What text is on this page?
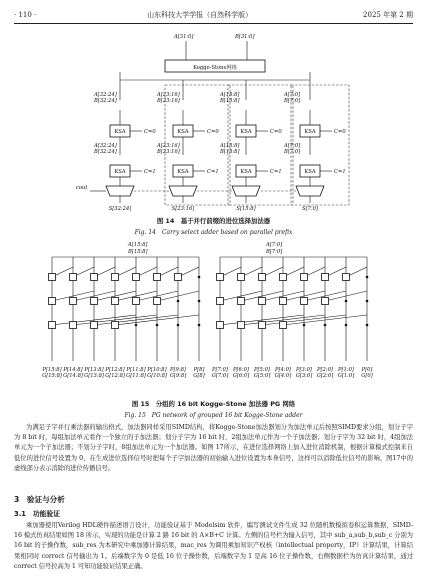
· 110 ·	山东科技大学学报（自然科学版）	2025 年第 2 期
A[31:0]	B[31:0]
Kogge-Stone网络
A[32:24] B[32:24]
KSA	C=0
A[32:24] B[32:24]
KSA	C=1
S[32:24]
cout
A[23:16] B[23:16]
KSA	C=0
A[23:16] B[23:16]
KSA	C=1
S[23:16]
A[15:8] B[15:8]
KSA	C=0
A[15:8] B[15:8]
KSA	C=1
S[15:8]
A[7:0] B[7:0]
KSA	C=0
A[7:0] B[7:0]
KSA	C=1
S[7:0]
图 14　基于并行前缀的进位选择加法器
Fig. 14　Carry select adder based on parallel prefix
A[15:8]
B[15:8]
A[7:0]
B[7:0]
P[15:8] G[15:8]
P[14:8] G[14:8]
P[13:8] G[13:8]
P[12:8] G[12:8]
P[11:8] G[11:8]
P[10:8] G[10:8]
P[9:8] G[9:8]
P[8] G[8]
P[7:0] G[7:0]
P[6:0] G[6:0]
P[5:0] G[5:0]
P[4:0] G[4:0]
P[3:0] G[3:0]
P[2:0] G[2:0]
P[1:0] G[1:0]
P[0] G[0]
图 15　分组的 16 bit Kogge-Stone 加法器 PG 网络
Fig. 15　PG network of grouped 16 bit Kogge-Stone adder

为满足子字并行乘法器的输出格式，加法器同样采用SIMD结构，将Kogge-Stone加法器划分为加法单元后按照SIMD要求分组，划分子字为 8 bit 时，每组加法单元看作一个独立的子加法器；划分子字为 16 bit 时，2组加法单元作为一个子加法器；划分子字为 32 bit 时，4组加法单元为一个子加法器；不划分子字时，8组加法单元为一个加法器。如图 17所示，在进位选择网络上加入进位消除机制，根据计算模式控制来自低位的进位信号设置为 0，在生成进位选择信号时把每个子字加法器的初始输入进位设置为本身信号，这样可以消除低位信号的影响，图17中的虚线部分表示消除的进位传播信号。

3　验证与分析
3.1　功能验证

乘加器使用Verilog HDL硬件描述语言设计，功能验证基于 Modelsim 软件，编写测试文件生成 32 位随机数模拟卷积运算数据，SIMD-16 模式仿真结果如图 18 所示，实现的功能是计算 2 路 16 bit 的 A×B+C 计算。左侧的信号栏为输入信号，其中 sub_a,sub_b,sub_c 分别为 16 bit 的子操作数，sub_res 为本研究中乘加器计算结果，mac_res 为调用乘加知识产权核（intellectual property，IP）计算结果，计算结果相同时 correct 信号输出为 1。后端数字为 0 是低 16 位子操作数，后端数字为 1 是高 16 位子操作数，右侧数据栏为仿真计算结果，通过 correct 信号拉高为 1 可知功能验证结果正确。
